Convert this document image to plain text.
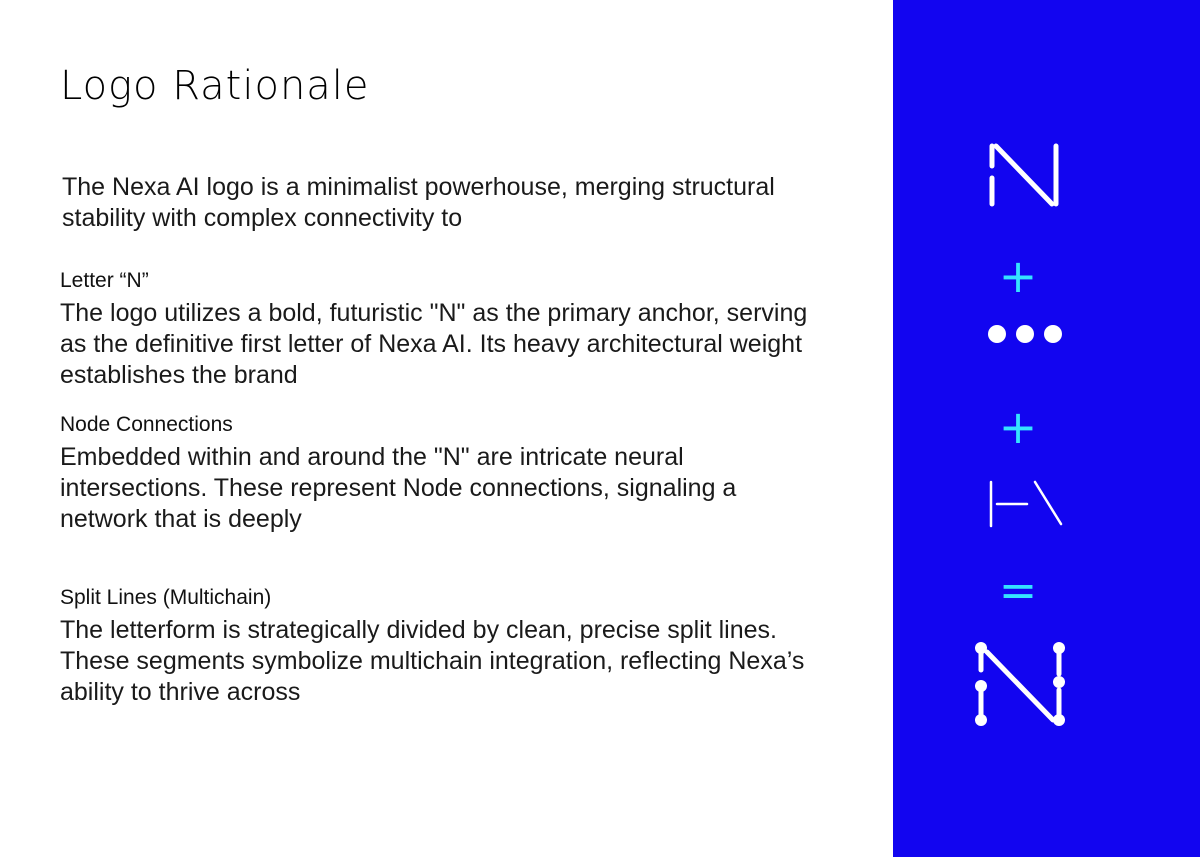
Logo Rationale

The Nexa AI logo is a minimalist powerhouse, merging structural stability with complex connectivity to

Letter “N”

The logo utilizes a bold, futuristic "N" as the primary anchor, serving as the definitive first letter of Nexa AI. Its heavy architectural weight establishes the brand

Node Connections

Embedded within and around the "N" are intricate neural intersections. These represent Node connections, signaling a network that is deeply

Split Lines (Multichain)

The letterform is strategically divided by clean, precise split lines. These segments symbolize multichain integration, reflecting Nexa’s ability to thrive across

+
+
=
